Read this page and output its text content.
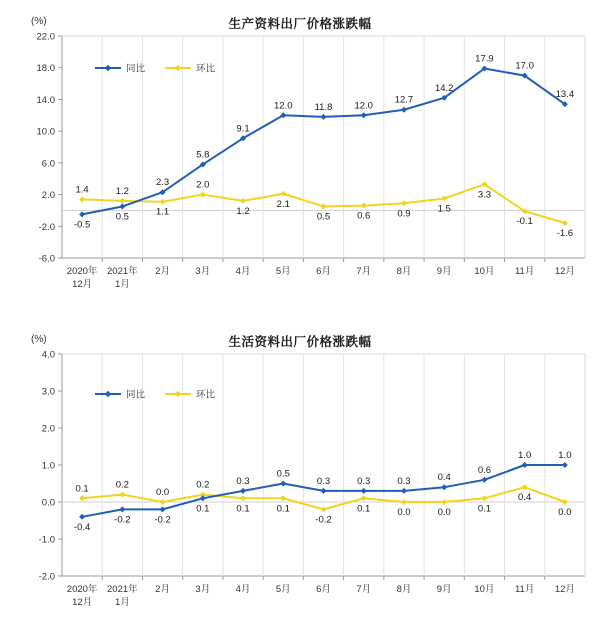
生产资料出厂价格涨跌幅
(%)
22.0
18.0
14.0
10.0
6.0
2.0
-2.0
-6.0
2020年
12月
2021年
1月
2月	3月	4月	5月	6月	7月	8月	9月 10月 11月 12月
-0.5
0.5
2.3
5.8
9.1
12.0 11.8 12.0
12.7
14.2
17.9
17.0
13.4
1.4	1.2
1.1
2.0
1.2
2.1
0.5	0.6	0.9	1.5
3.3
-0.1
-1.6
同比	环比
生活资料出厂价格涨跌幅
(%)
4.0
3.0
2.0
1.0
0.0
-1.0
-2.0
2020年
12月
2021年
1月
2月	3月	4月	5月	6月	7月	8月	9月 10月 11月 12月
-0.4
-0.2	-0.2
0.1
0.3
0.5
0.3	0.3	0.3	0.4
0.6
1.0	1.0
0.1	0.2
0.0
0.2
0.1	0.1
-0.2
0.1	0.0	0.0	0.1
0.4
0.0
同比	环比
